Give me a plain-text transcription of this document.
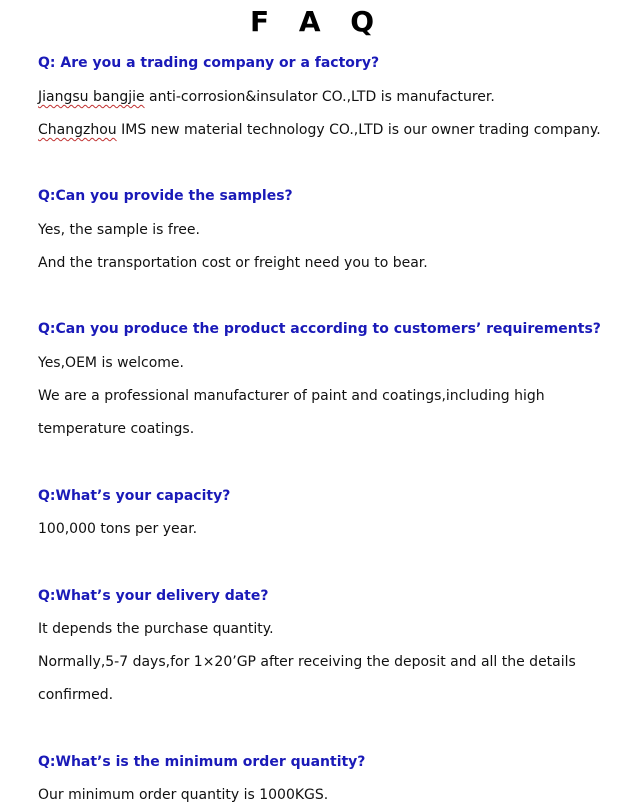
F A Q
Q: Are you a trading company or a factory?
Jiangsu bangjie anti-corrosion&insulator CO.,LTD is manufacturer.
Changzhou IMS new material technology CO.,LTD is our owner trading company.
Q:Can you provide the samples?
Yes, the sample is free.
And the transportation cost or freight need you to bear.
Q:Can you produce the product according to customers’ requirements?
Yes,OEM is welcome.
We are a professional manufacturer of paint and coatings,including high
temperature coatings.
Q:What’s your capacity?
100,000 tons per year.
Q:What’s your delivery date?
It depends the purchase quantity.
Normally,5-7 days,for 1×20’GP after receiving the deposit and all the details
confirmed.
Q:What’s is the minimum order quantity?
Our minimum order quantity is 1000KGS.
